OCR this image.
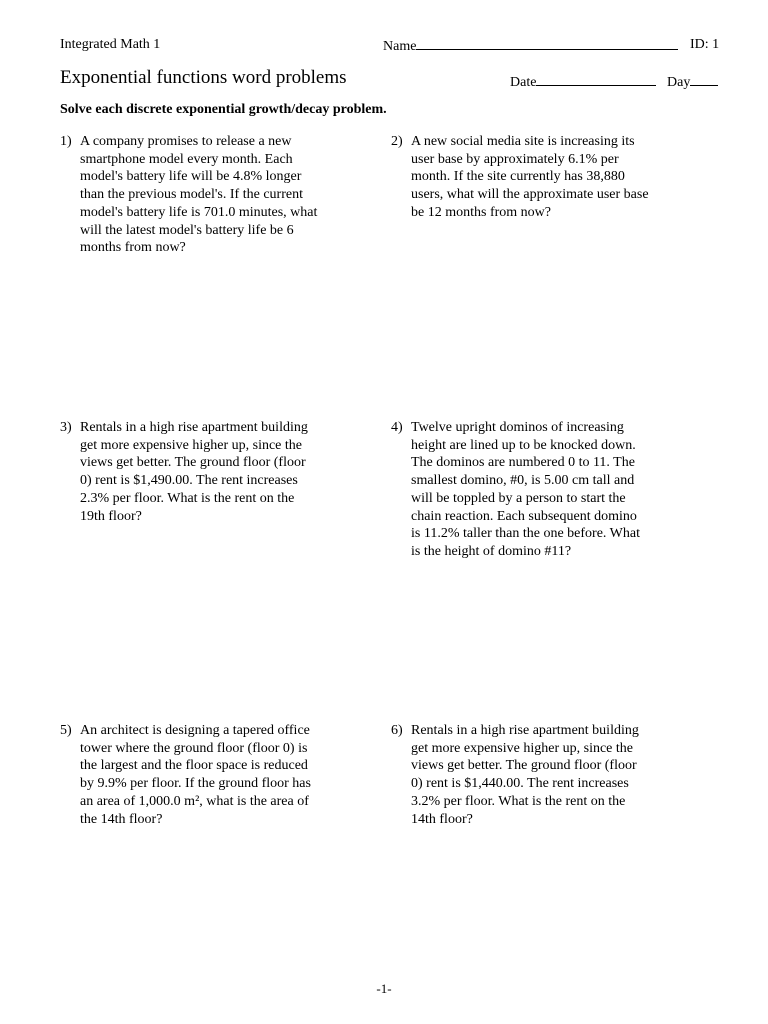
Integrated Math 1	Name	ID: 1
Exponential functions word problems	Date	Day
Solve each discrete exponential growth/decay problem.
1) A company promises to release a new
smartphone model every month. Each
model's battery life will be 4.8% longer
than the previous model's. If the current
model's battery life is 701.0 minutes, what
will the latest model's battery life be 6
months from now?
2) A new social media site is increasing its
user base by approximately 6.1% per
month. If the site currently has 38,880
users, what will the approximate user base
be 12 months from now?
3) Rentals in a high rise apartment building
get more expensive higher up, since the
views get better. The ground floor (floor
0) rent is $1,490.00. The rent increases
2.3% per floor. What is the rent on the
19th floor?
4) Twelve upright dominos of increasing
height are lined up to be knocked down.
The dominos are numbered 0 to 11. The
smallest domino, #0, is 5.00 cm tall and
will be toppled by a person to start the
chain reaction. Each subsequent domino
is 11.2% taller than the one before. What
is the height of domino #11?
5) An architect is designing a tapered office
tower where the ground floor (floor 0) is
the largest and the floor space is reduced
by 9.9% per floor. If the ground floor has
an area of 1,000.0 m², what is the area of
the 14th floor?
6) Rentals in a high rise apartment building
get more expensive higher up, since the
views get better. The ground floor (floor
0) rent is $1,440.00. The rent increases
3.2% per floor. What is the rent on the
14th floor?
-1-
